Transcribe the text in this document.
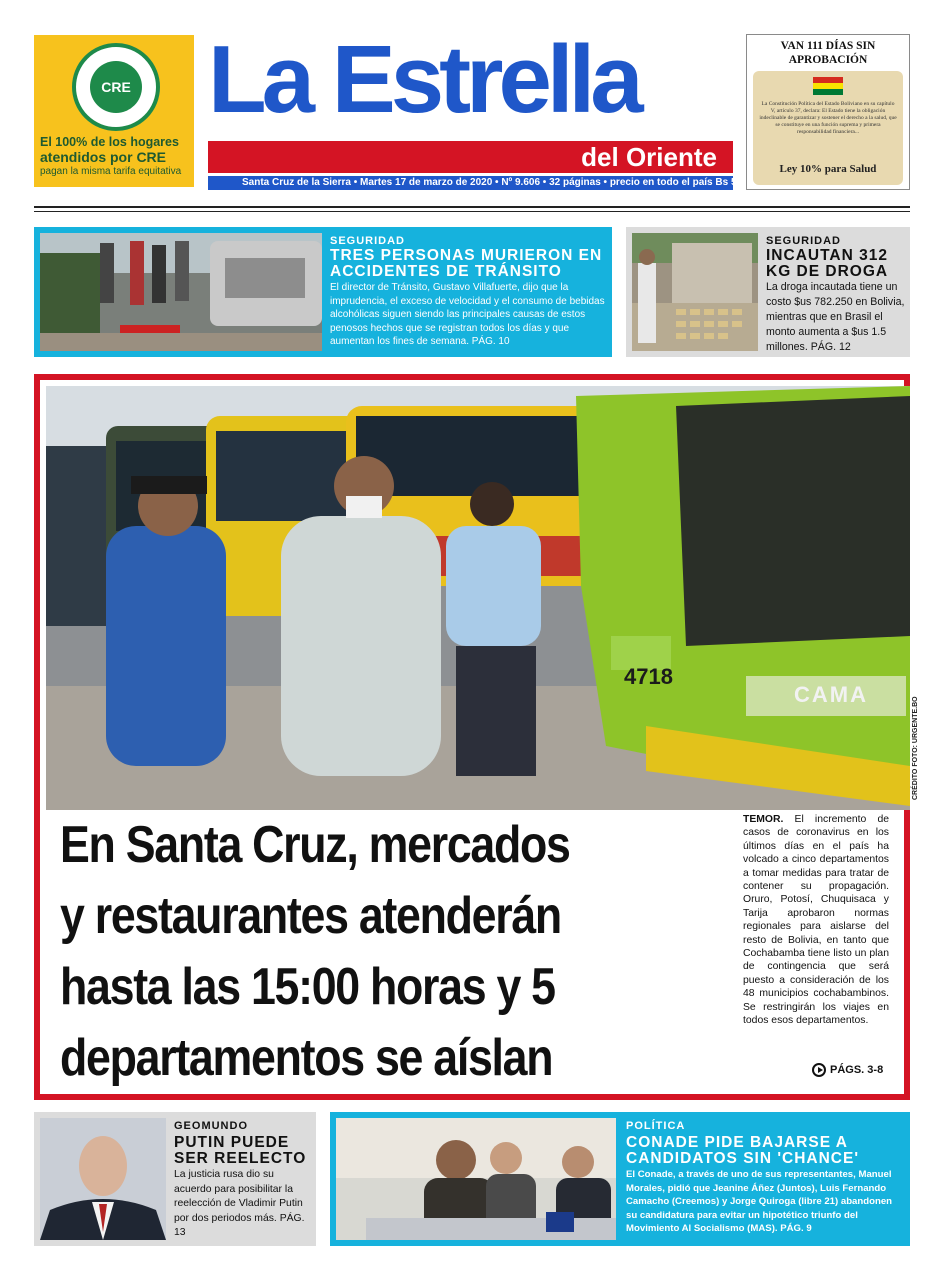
CRE
El 100% de los hogares
atendidos por CRE
pagan la misma tarifa equitativa
La Estrella
del Oriente
Santa Cruz de la Sierra • Martes 17 de marzo de 2020 • Nº 9.606 • 32 páginas • precio en todo el país Bs 5
VAN 111 DÍAS SIN APROBACIÓN
La Constitución Política del Estado Boliviano en su capítulo V, artículo 37, declara: El Estado tiene la obligación indeclinable de garantizar y sostener el derecho a la salud, que se constituye en una función suprema y primera responsabilidad financiera...
Ley 10% para Salud
SEGURIDAD
TRES PERSONAS MURIERON EN ACCIDENTES DE TRÁNSITO
El director de Tránsito, Gustavo Villafuerte, dijo que la imprudencia, el exceso de velocidad y el consumo de bebidas alcohólicas siguen siendo las principales causas de estos penosos hechos que se registran todos los días y que aumentan los fines de semana. PÁG. 10
SEGURIDAD
INCAUTAN 312 KG DE DROGA
La droga incautada tiene un costo $us 782.250 en Bolivia, mientras que en Brasil el monto aumenta a $us 1.5 millones. PÁG. 12
4718
CAMA
CRÉDITO FOTO: URGENTE.BO
En Santa Cruz, mercados
y restaurantes atenderán
hasta las 15:00 horas y 5
departamentos se aíslan
TEMOR. El incremento de casos de coronavirus en los últimos días en el país ha volcado a cinco departamentos a tomar medidas para tratar de contener su propagación. Oruro, Potosí, Chuquisaca y Tarija aprobaron normas regionales para aislarse del resto de Bolivia, en tanto que Cochabamba tiene listo un plan de contingencia que será puesto a consideración de los 48 municipios cochabambinos. Se restringirán los viajes en todos esos departamentos.
PÁGS. 3-8
GEOMUNDO
PUTIN PUEDE SER REELECTO
La justicia rusa dio su acuerdo para posibilitar la reelección de Vladimir Putin por dos periodos más. PÁG. 13
POLÍTICA
CONADE PIDE BAJARSE A CANDIDATOS SIN 'CHANCE'
El Conade, a través de uno de sus representantes, Manuel Morales, pidió que Jeanine Áñez (Juntos), Luis Fernando Camacho (Creemos) y Jorge Quiroga (libre 21) abandonen su candidatura para evitar un hipotético triunfo del Movimiento Al Socialismo (MAS). PÁG. 9
